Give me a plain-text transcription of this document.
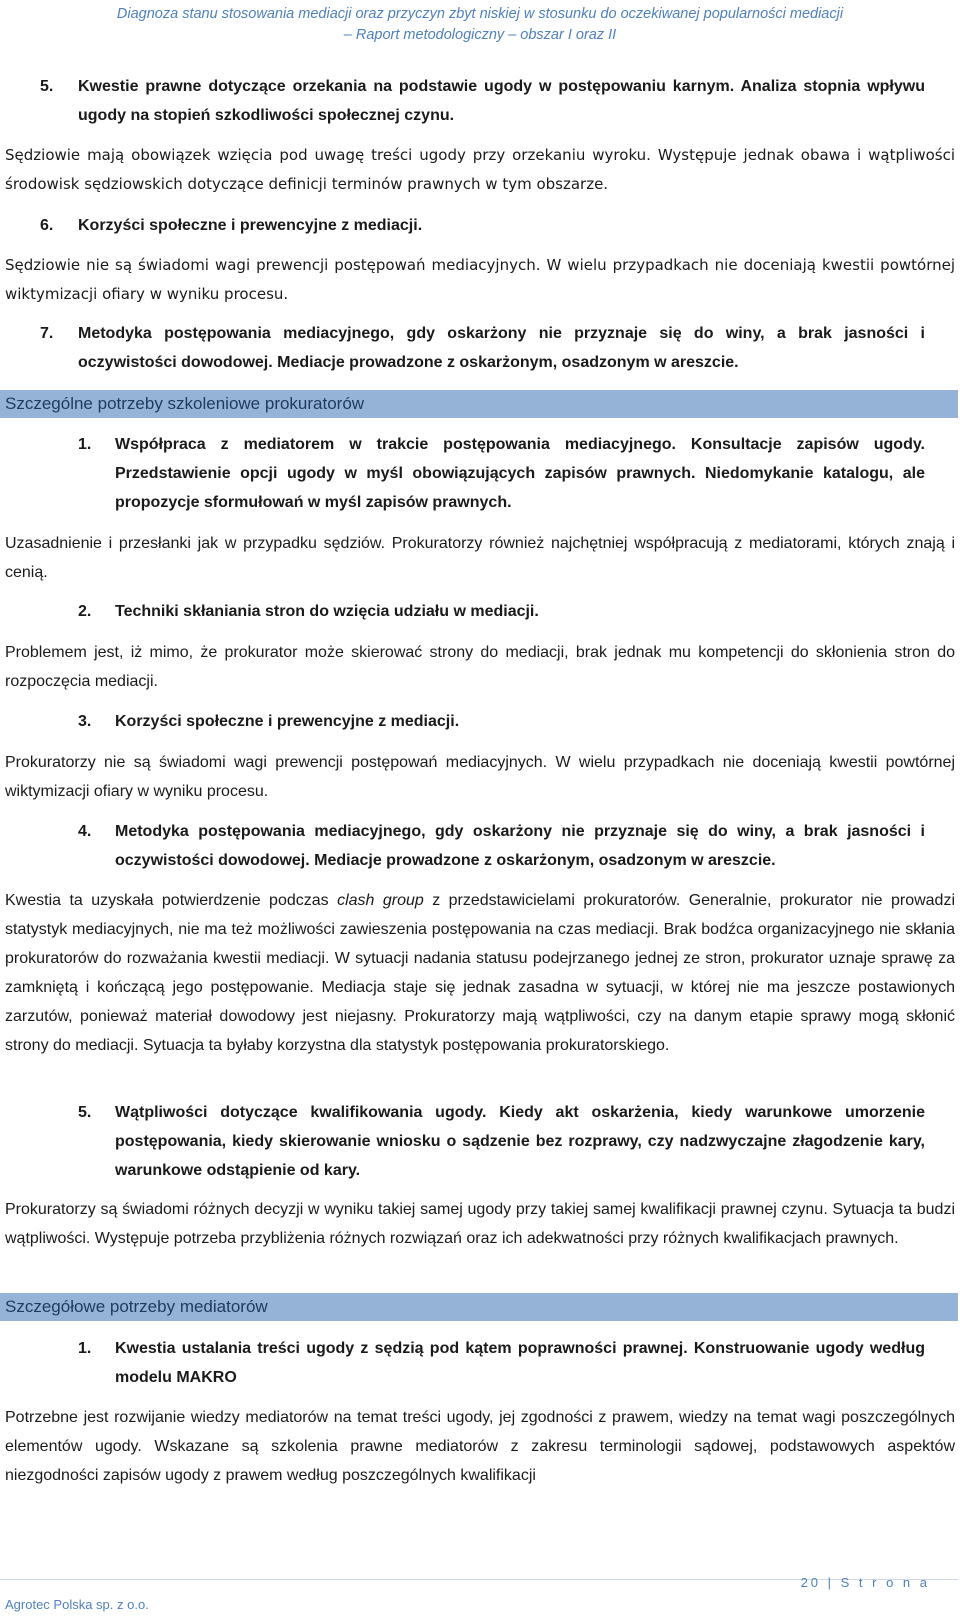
Diagnoza stanu stosowania mediacji oraz przyczyn zbyt niskiej w stosunku do oczekiwanej popularności mediacji
– Raport metodologiczny – obszar I oraz II
5.	Kwestie prawne dotyczące orzekania na podstawie ugody w postępowaniu karnym. Analiza stopnia wpływu ugody na stopień szkodliwości społecznej czynu.
Sędziowie mają obowiązek wzięcia pod uwagę treści ugody przy orzekaniu wyroku. Występuje jednak obawa i wątpliwości środowisk sędziowskich dotyczące definicji terminów prawnych w tym obszarze.
6.	Korzyści społeczne i prewencyjne z mediacji.
Sędziowie nie są świadomi wagi prewencji postępowań mediacyjnych. W wielu przypadkach nie doceniają kwestii powtórnej wiktymizacji ofiary w wyniku procesu.
7.	Metodyka postępowania mediacyjnego, gdy oskarżony nie przyznaje się do winy, a brak jasności i oczywistości dowodowej. Mediacje prowadzone z oskarżonym, osadzonym w areszcie.
Szczególne potrzeby szkoleniowe prokuratorów
1.	Współpraca z mediatorem w trakcie postępowania mediacyjnego. Konsultacje zapisów ugody. Przedstawienie opcji ugody w myśl obowiązujących zapisów prawnych. Niedomykanie katalogu, ale propozycje sformułowań w myśl zapisów prawnych.
Uzasadnienie i przesłanki jak w przypadku sędziów. Prokuratorzy również najchętniej współpracują z mediatorami, których znają i cenią.
2.	Techniki skłaniania stron do wzięcia udziału w mediacji.
Problemem jest, iż mimo, że prokurator może skierować strony do mediacji, brak jednak mu kompetencji do skłonienia stron do rozpoczęcia mediacji.
3.	Korzyści społeczne i prewencyjne z mediacji.
Prokuratorzy nie są świadomi wagi prewencji postępowań mediacyjnych. W wielu przypadkach nie doceniają kwestii powtórnej wiktymizacji ofiary w wyniku procesu.
4.	Metodyka postępowania mediacyjnego, gdy oskarżony nie przyznaje się do winy, a brak jasności i oczywistości dowodowej. Mediacje prowadzone z oskarżonym, osadzonym w areszcie.
Kwestia ta uzyskała potwierdzenie podczas clash group z przedstawicielami prokuratorów. Generalnie, prokurator nie prowadzi statystyk mediacyjnych, nie ma też możliwości zawieszenia postępowania na czas mediacji. Brak bodźca organizacyjnego nie skłania prokuratorów do rozważania kwestii mediacji. W sytuacji nadania statusu podejrzanego jednej ze stron, prokurator uznaje sprawę za zamkniętą i kończącą jego postępowanie. Mediacja staje się jednak zasadna w sytuacji, w której nie ma jeszcze postawionych zarzutów, ponieważ materiał dowodowy jest niejasny. Prokuratorzy mają wątpliwości, czy na danym etapie sprawy mogą skłonić strony do mediacji. Sytuacja ta byłaby korzystna dla statystyk postępowania prokuratorskiego.
5.	Wątpliwości dotyczące kwalifikowania ugody. Kiedy akt oskarżenia, kiedy warunkowe umorzenie postępowania, kiedy skierowanie wniosku o sądzenie bez rozprawy, czy nadzwyczajne złagodzenie kary, warunkowe odstąpienie od kary.
Prokuratorzy są świadomi różnych decyzji w wyniku takiej samej ugody przy takiej samej kwalifikacji prawnej czynu. Sytuacja ta budzi wątpliwości. Występuje potrzeba przybliżenia różnych rozwiązań oraz ich adekwatności przy różnych kwalifikacjach prawnych.
Szczegółowe potrzeby mediatorów
1.	Kwestia ustalania treści ugody z sędzią pod kątem poprawności prawnej. Konstruowanie ugody według modelu MAKRO
Potrzebne jest rozwijanie wiedzy mediatorów na temat treści ugody, jej zgodności z prawem, wiedzy na temat wagi poszczególnych elementów ugody. Wskazane są szkolenia prawne mediatorów z zakresu terminologii sądowej, podstawowych aspektów niezgodności zapisów ugody z prawem według poszczególnych kwalifikacji
20 | S t r o n a
Agrotec Polska sp. z o.o.
